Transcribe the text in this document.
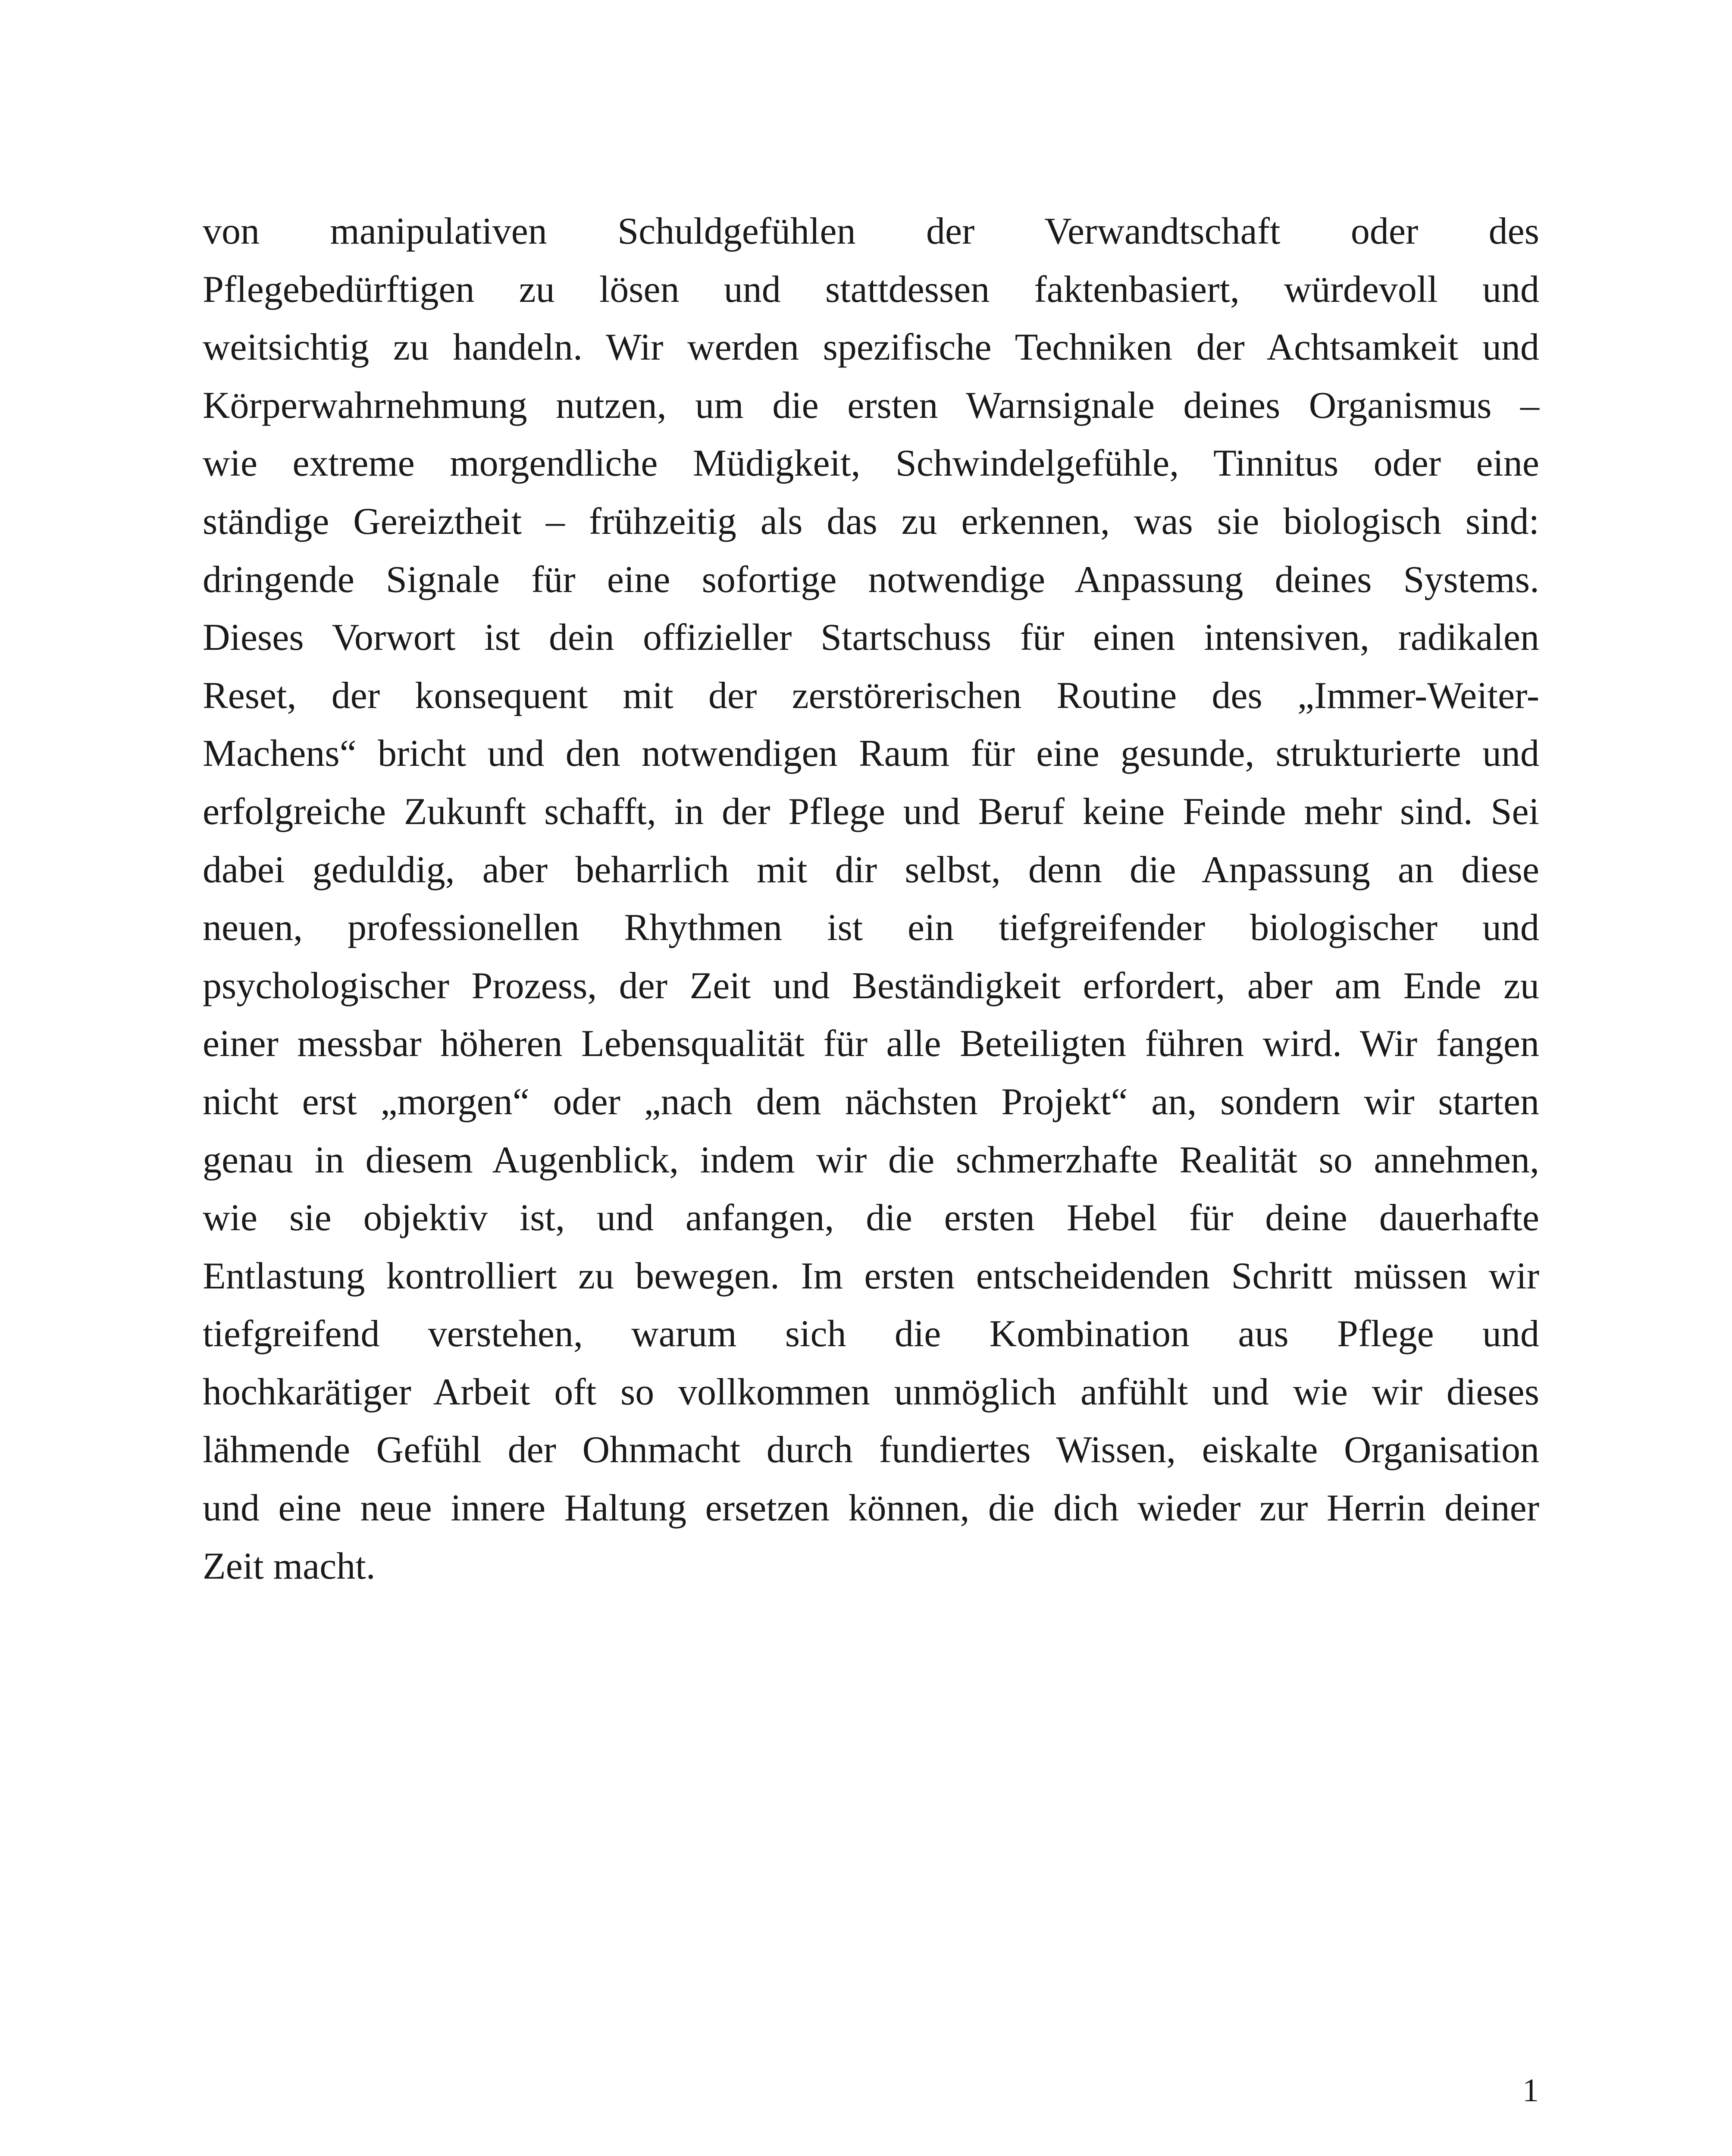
von manipulativen Schuldgefühlen der Verwandtschaft oder des
Pflegebedürftigen zu lösen und stattdessen faktenbasiert, würdevoll und
weitsichtig zu handeln. Wir werden spezifische Techniken der Achtsamkeit und
Körperwahrnehmung nutzen, um die ersten Warnsignale deines Organismus –
wie extreme morgendliche Müdigkeit, Schwindelgefühle, Tinnitus oder eine
ständige Gereiztheit – frühzeitig als das zu erkennen, was sie biologisch sind:
dringende Signale für eine sofortige notwendige Anpassung deines Systems.
Dieses Vorwort ist dein offizieller Startschuss für einen intensiven, radikalen
Reset, der konsequent mit der zerstörerischen Routine des „Immer-Weiter-
Machens“ bricht und den notwendigen Raum für eine gesunde, strukturierte und
erfolgreiche Zukunft schafft, in der Pflege und Beruf keine Feinde mehr sind. Sei
dabei geduldig, aber beharrlich mit dir selbst, denn die Anpassung an diese
neuen, professionellen Rhythmen ist ein tiefgreifender biologischer und
psychologischer Prozess, der Zeit und Beständigkeit erfordert, aber am Ende zu
einer messbar höheren Lebensqualität für alle Beteiligten führen wird. Wir fangen
nicht erst „morgen“ oder „nach dem nächsten Projekt“ an, sondern wir starten
genau in diesem Augenblick, indem wir die schmerzhafte Realität so annehmen,
wie sie objektiv ist, und anfangen, die ersten Hebel für deine dauerhafte
Entlastung kontrolliert zu bewegen. Im ersten entscheidenden Schritt müssen wir
tiefgreifend verstehen, warum sich die Kombination aus Pflege und
hochkarätiger Arbeit oft so vollkommen unmöglich anfühlt und wie wir dieses
lähmende Gefühl der Ohnmacht durch fundiertes Wissen, eiskalte Organisation
und eine neue innere Haltung ersetzen können, die dich wieder zur Herrin deiner
Zeit macht.
1
